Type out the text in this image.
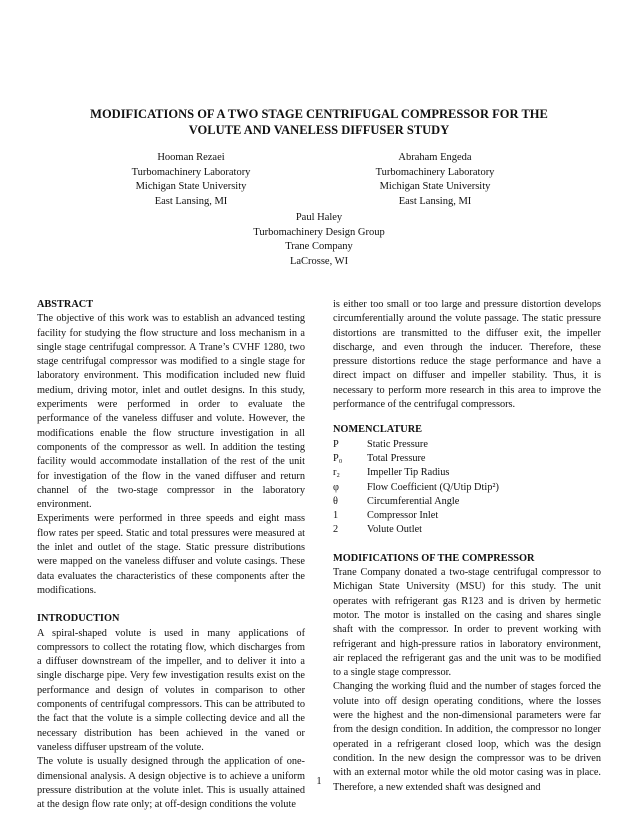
MODIFICATIONS OF A TWO STAGE CENTRIFUGAL COMPRESSOR FOR THE
VOLUTE AND VANELESS DIFFUSER STUDY
Hooman Rezaei
Turbomachinery Laboratory
Michigan State University
East Lansing, MI
Abraham Engeda
Turbomachinery Laboratory
Michigan State University
East Lansing, MI
Paul Haley
Turbomachinery Design Group
Trane Company
LaCrosse, WI
ABSTRACT

The objective of this work was to establish an advanced testing facility for studying the flow structure and loss mechanism in a single stage centrifugal compressor. A Trane’s CVHF 1280, two stage centrifugal compressor was modified to a single stage for laboratory environment. This modification included new fluid medium, driving motor, inlet and outlet designs. In this study, experiments were performed in order to evaluate the performance of the vaneless diffuser and volute. However, the modifications enable the flow structure investigation in all components of the compressor as well. In addition the testing facility would accommodate installation of the rest of the unit for investigation of the flow in the vaned diffuser and return channel of the two-stage compressor in the laboratory environment.

Experiments were performed in three speeds and eight mass flow rates per speed. Static and total pressures were measured at the inlet and outlet of the stage. Static pressure distributions were mapped on the vaneless diffuser and volute casings. These data evaluates the characteristics of these components after the modifications.

INTRODUCTION

A spiral-shaped volute is used in many applications of compressors to collect the rotating flow, which discharges from a diffuser downstream of the impeller, and to deliver it into a single discharge pipe. Very few investigation results exist on the performance and design of volutes in comparison to other components of centrifugal compressors. This can be attributed to the fact that the volute is a simple collecting device and all the necessary distribution has been achieved in the vaned or vaneless diffuser upstream of the volute.

The volute is usually designed through the application of one-dimensional analysis. A design objective is to achieve a uniform pressure distribution at the volute inlet. This is usually attained at the design flow rate only; at off-design conditions the volute

is either too small or too large and pressure distortion develops circumferentially around the volute passage. The static pressure distortions are transmitted to the diffuser exit, the impeller discharge, and even through the inducer. Therefore, these pressure distortions reduce the stage performance and have a direct impact on diffuser and impeller stability. Thus, it is necessary to perform more research in this area to improve the performance of the centrifugal compressors.

NOMENCLATURE
P	Static Pressure
P₀	Total Pressure
r₂	Impeller Tip Radius
φ	Flow Coefficient (Q/Utip Dtip²)
θ	Circumferential Angle
1	Compressor Inlet
2	Volute Outlet
MODIFICATIONS OF THE COMPRESSOR

Trane Company donated a two-stage centrifugal compressor to Michigan State University (MSU) for this study. The unit operates with refrigerant gas R123 and is driven by hermetic motor. The motor is installed on the casing and shares single shaft with the compressor. In order to prevent working with refrigerant and high-pressure ratios in laboratory environment, air replaced the refrigerant gas and the unit was to be modified to a single stage compressor.

Changing the working fluid and the number of stages forced the volute into off design operating conditions, where the losses were the highest and the non-dimensional parameters were far from the design condition. In addition, the compressor no longer operated in a refrigerant closed loop, which was the design condition. In the new design the compressor was to be driven with an external motor while the old motor casing was in place. Therefore, a new extended shaft was designed and

1
